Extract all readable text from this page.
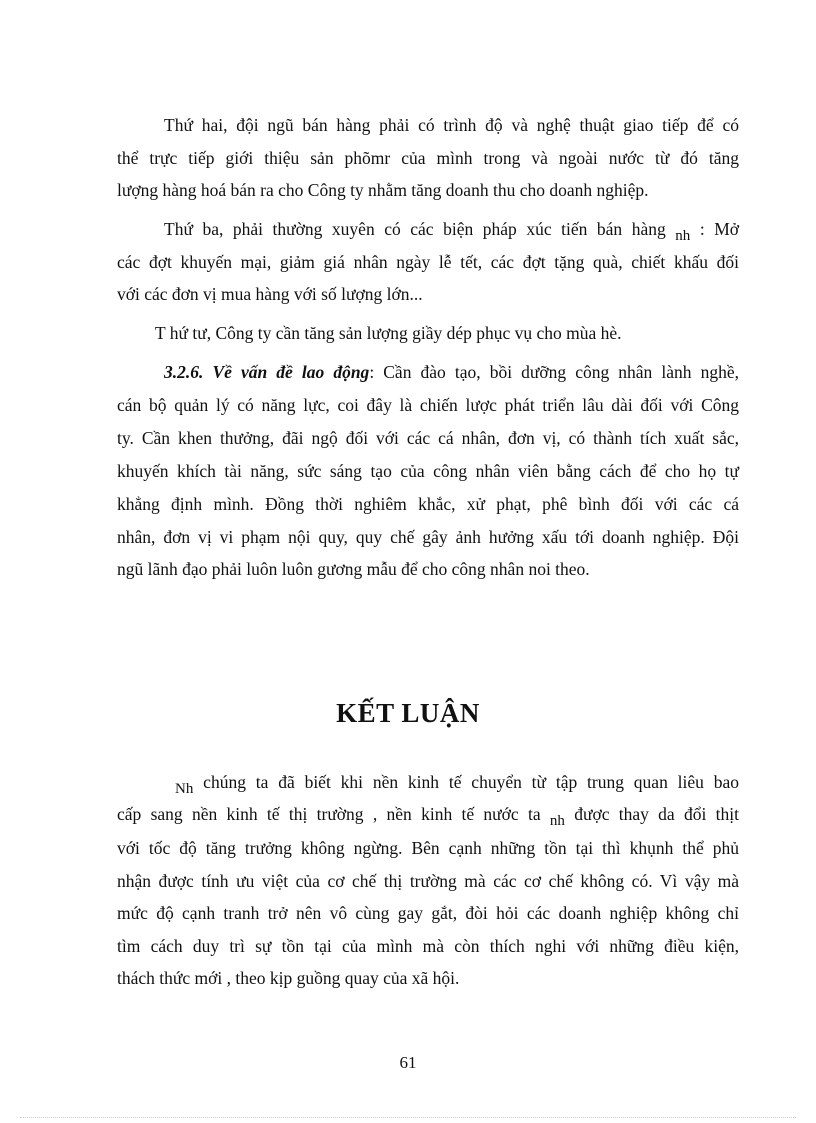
Thứ hai, đội ngũ bán hàng phải có trình độ và nghệ thuật giao tiếp để có
thể trực tiếp giới thiệu sản phõmr của mình trong và ngoài nước từ đó tăng
lượng hàng hoá bán ra cho Công ty nhằm tăng doanh thu cho doanh nghiệp.
Thứ ba, phải thường xuyên có các biện pháp xúc tiến bán hàng nh : Mở
các đợt khuyến mại, giảm giá nhân ngày lễ tết, các đợt tặng quà, chiết khấu đối
với các đơn vị mua hàng với số lượng lớn...
T hứ tư, Công ty cần tăng sản lượng giầy dép phục vụ cho mùa hè.
3.2.6. Về vấn đề lao động: Cần đào tạo, bồi dưỡng công nhân lành nghề,
cán bộ quản lý có năng lực, coi đây là chiến lược phát triển lâu dài đối với Công
ty. Cần khen thưởng, đãi ngộ đối với các cá nhân, đơn vị, có thành tích xuất sắc,
khuyến khích tài năng, sức sáng tạo của công nhân viên bằng cách để cho họ tự
khẳng định mình. Đồng thời nghiêm khắc, xử phạt, phê bình đối với các cá
nhân, đơn vị vi phạm nội quy, quy chế gây ảnh hưởng xấu tới doanh nghiệp. Đội
ngũ lãnh đạo phải luôn luôn gương mẫu để cho công nhân noi theo.
KẾT LUẬN
Nh chúng ta đã biết khi nền kinh tế chuyển từ tập trung quan liêu bao
cấp sang nền kinh tế thị trường , nền kinh tế nước ta nh được thay da đổi thịt
với tốc độ tăng trưởng không ngừng. Bên cạnh những tồn tại thì khụnh thể phủ
nhận được tính ưu việt của cơ chế thị trường mà các cơ chế không có. Vì vậy mà
mức độ cạnh tranh trở nên vô cùng gay gắt, đòi hỏi các doanh nghiệp không chỉ
tìm cách duy trì sự tồn tại của mình mà còn thích nghi với những điều kiện,
thách thức mới , theo kịp guồng quay của xã hội.
61
